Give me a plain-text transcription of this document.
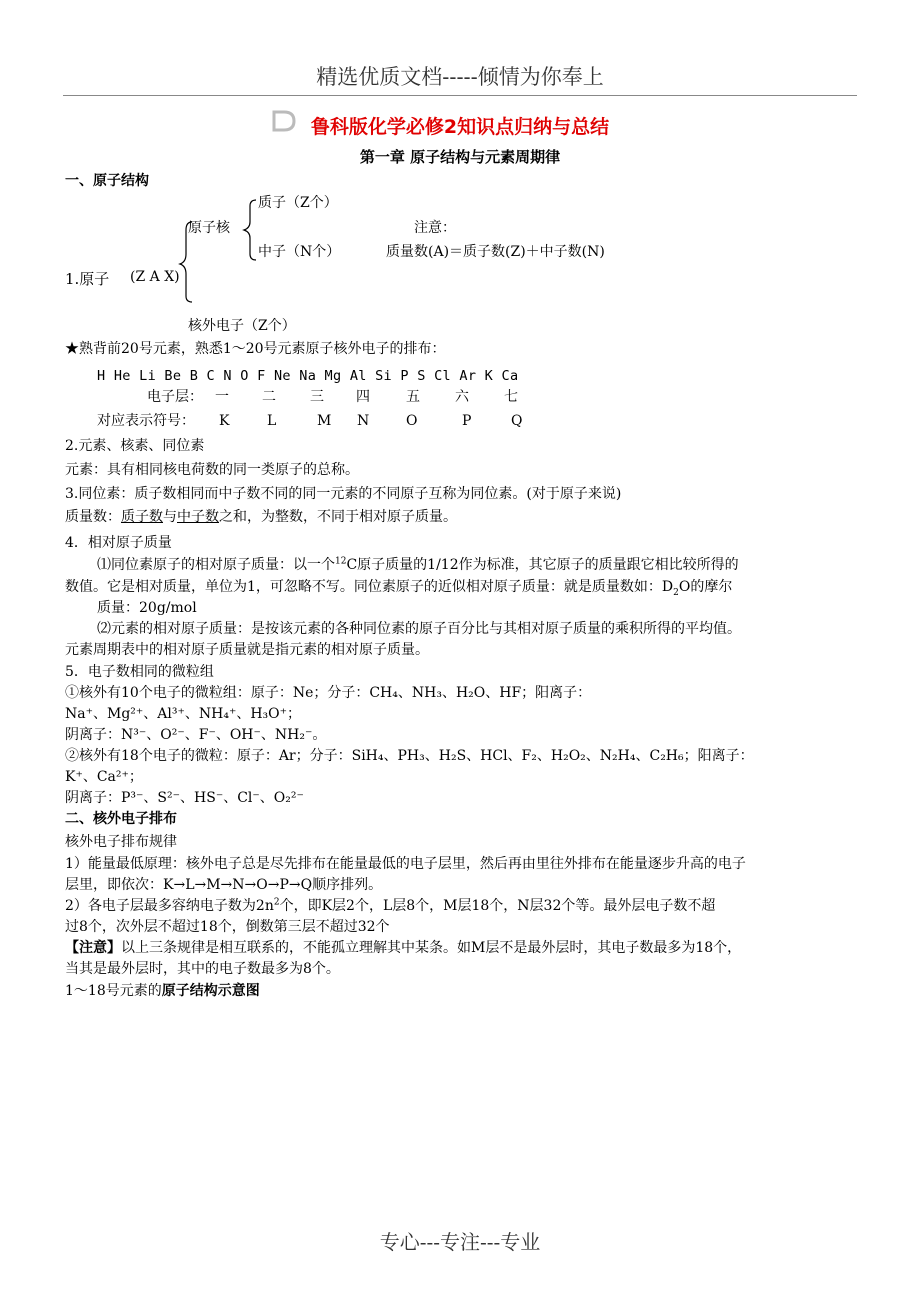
精选优质文档-----倾情为你奉上
鲁科版化学必修2知识点归纳与总结
第一章 原子结构与元素周期律
一、原子结构
质子（Z个）
原子核	注意：
中子（N个）	质量数(A)＝质子数(Z)＋中子数(N)
1.原子 (Z A X)
核外电子（Z个）
★熟背前20号元素，熟悉1～20号元素原子核外电子的排布：
H He Li Be B C N O F Ne Na Mg Al Si P S Cl Ar K Ca
电子层： 一 二 三 四	五	六	七
对应表示符号： K	L	M N	O	P	Q
2.元素、核素、同位素
元素：具有相同核电荷数的同一类原子的总称。
3.同位素：质子数相同而中子数不同的同一元素的不同原子互称为同位素。(对于原子来说)
质量数：质子数与中子数之和，为整数，不同于相对原子质量。
4．相对原子质量
⑴同位素原子的相对原子质量：以一个$^{12}$C原子质量的1/12作为标准，其它原子的质量跟它相比较所得的
数值。它是相对质量，单位为1，可忽略不写。同位素原子的近似相对原子质量：就是质量数如：$D_2O$的摩尔
质量：20g/mol
⑵元素的相对原子质量：是按该元素的各种同位素的原子百分比与其相对原子质量的乘积所得的平均值。
元素周期表中的相对原子质量就是指元素的相对原子质量。
5．电子数相同的微粒组
①核外有10个电子的微粒组：原子：Ne；分子：CH₄、NH₃、H₂O、HF；阳离子：
Na⁺、Mg²⁺、Al³⁺、NH₄⁺、H₃O⁺；
阴离子：N³⁻、O²⁻、F⁻、OH⁻、NH₂⁻。
②核外有18个电子的微粒：原子：Ar；分子：SiH₄、PH₃、H₂S、HCl、F₂、H₂O₂、N₂H₄、C₂H₆；阳离子：
K⁺、Ca²⁺；
阴离子：P³⁻、S²⁻、HS⁻、Cl⁻、O₂²⁻
二、核外电子排布
核外电子排布规律
1）能量最低原理：核外电子总是尽先排布在能量最低的电子层里，然后再由里往外排布在能量逐步升高的电子
层里，即依次：K→L→M→N→O→P→Q顺序排列。
2）各电子层最多容纳电子数为$2n^2$个，即K层2个，L层8个，M层18个，N层32个等。最外层电子数不超
过8个，次外层不超过18个，倒数第三层不超过32个
【注意】以上三条规律是相互联系的，不能孤立理解其中某条。如M层不是最外层时，其电子数最多为18个，
当其是最外层时，其中的电子数最多为8个。
1～18号元素的原子结构示意图
专心---专注---专业
